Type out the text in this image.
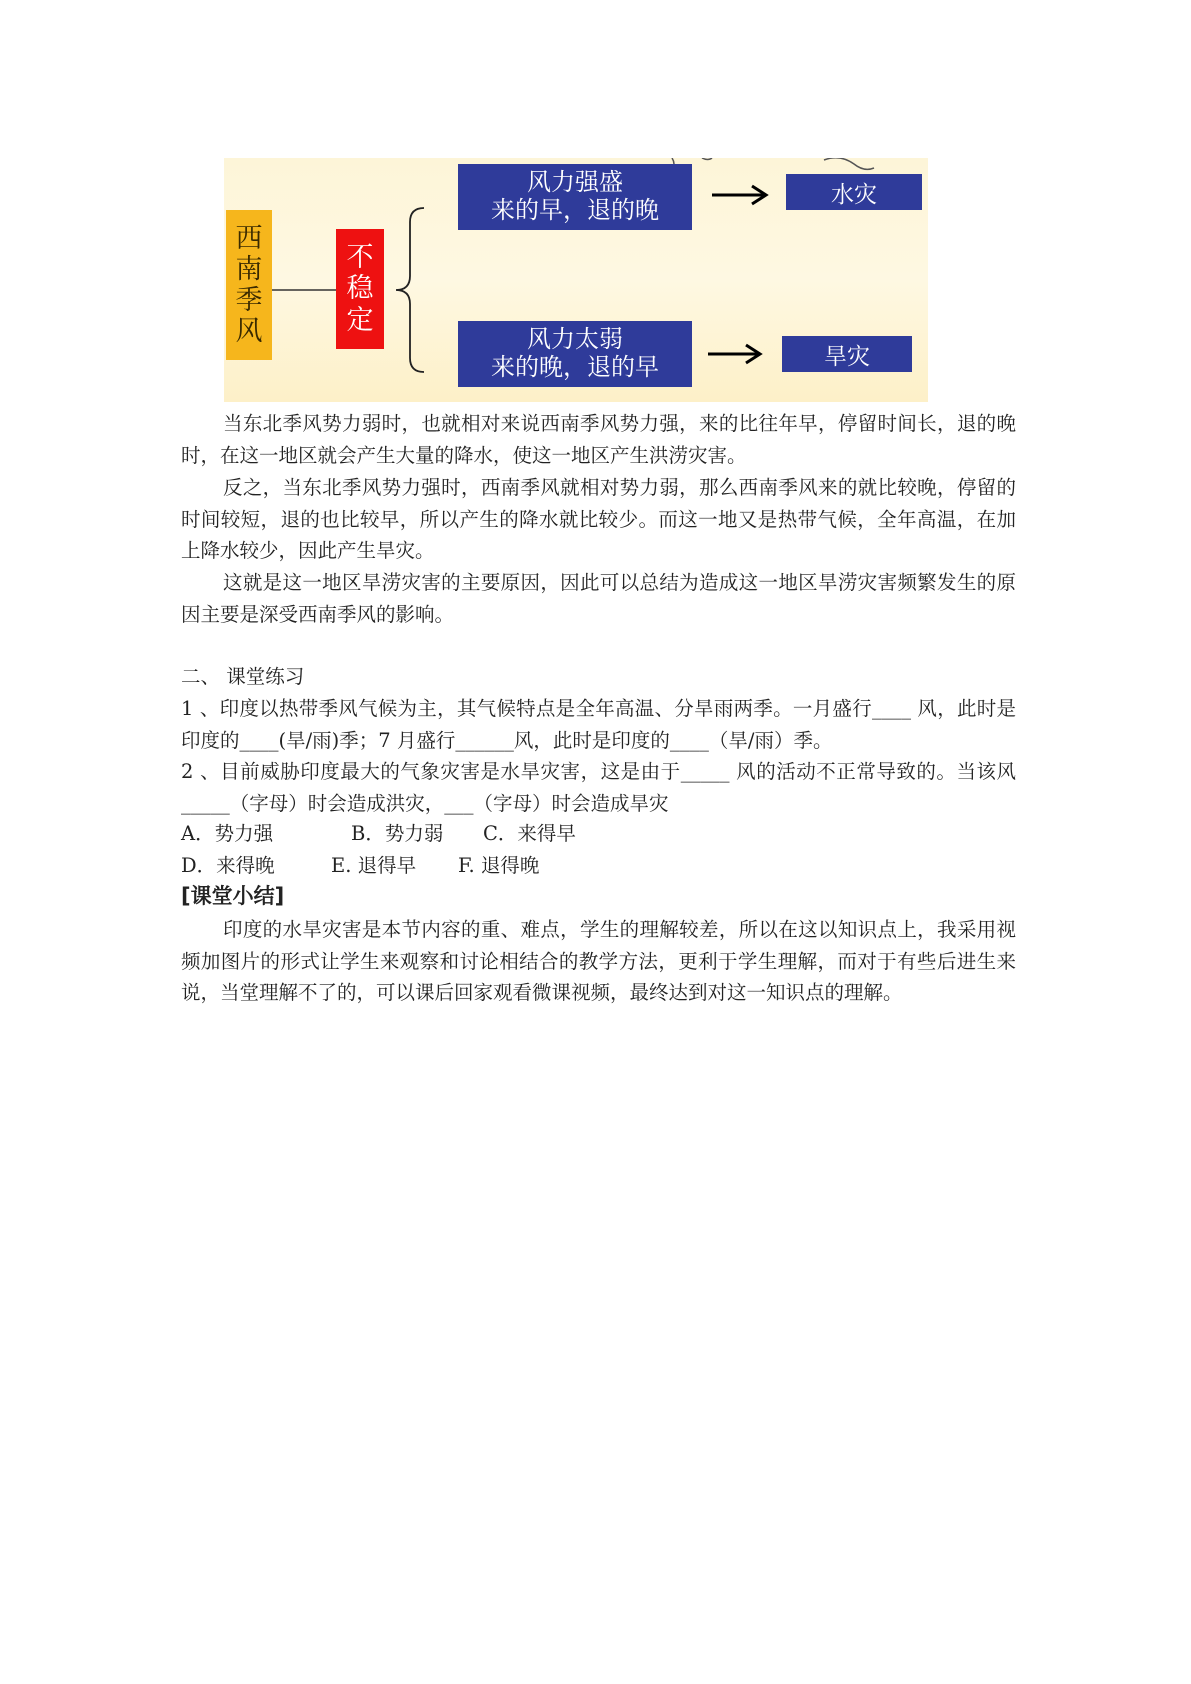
西
南
季
风
不
稳
定
风力强盛
来的早，退的晚
风力太弱
来的晚，退的早
水灾
旱灾

当东北季风势力弱时，也就相对来说西南季风势力强，来的比往年早，停留时间长，退的晚时，在这一地区就会产生大量的降水，使这一地区产生洪涝灾害。

反之，当东北季风势力强时，西南季风就相对势力弱，那么西南季风来的就比较晚，停留的时间较短，退的也比较早，所以产生的降水就比较少。而这一地又是热带气候，全年高温，在加上降水较少，因此产生旱灾。

这就是这一地区旱涝灾害的主要原因，因此可以总结为造成这一地区旱涝灾害频繁发生的原因主要是深受西南季风的影响。

二、 课堂练习

1 、印度以热带季风气候为主，其气候特点是全年高温、分旱雨两季。一月盛行____ 风，此时是印度的____(旱/雨)季；7 月盛行______风，此时是印度的____（旱/雨）季。

2 、目前威胁印度最大的气象灾害是水旱灾害，这是由于_____ 风的活动不正常导致的。当该风_____（字母）时会造成洪灾，___（字母）时会造成旱灾

A．势力强	B．势力弱 C．来得早
D．来得晚	E. 退得早 F. 退得晚

[课堂小结]

印度的水旱灾害是本节内容的重、难点，学生的理解较差，所以在这以知识点上，我采用视频加图片的形式让学生来观察和讨论相结合的教学方法，更利于学生理解，而对于有些后进生来说，当堂理解不了的，可以课后回家观看微课视频，最终达到对这一知识点的理解。
